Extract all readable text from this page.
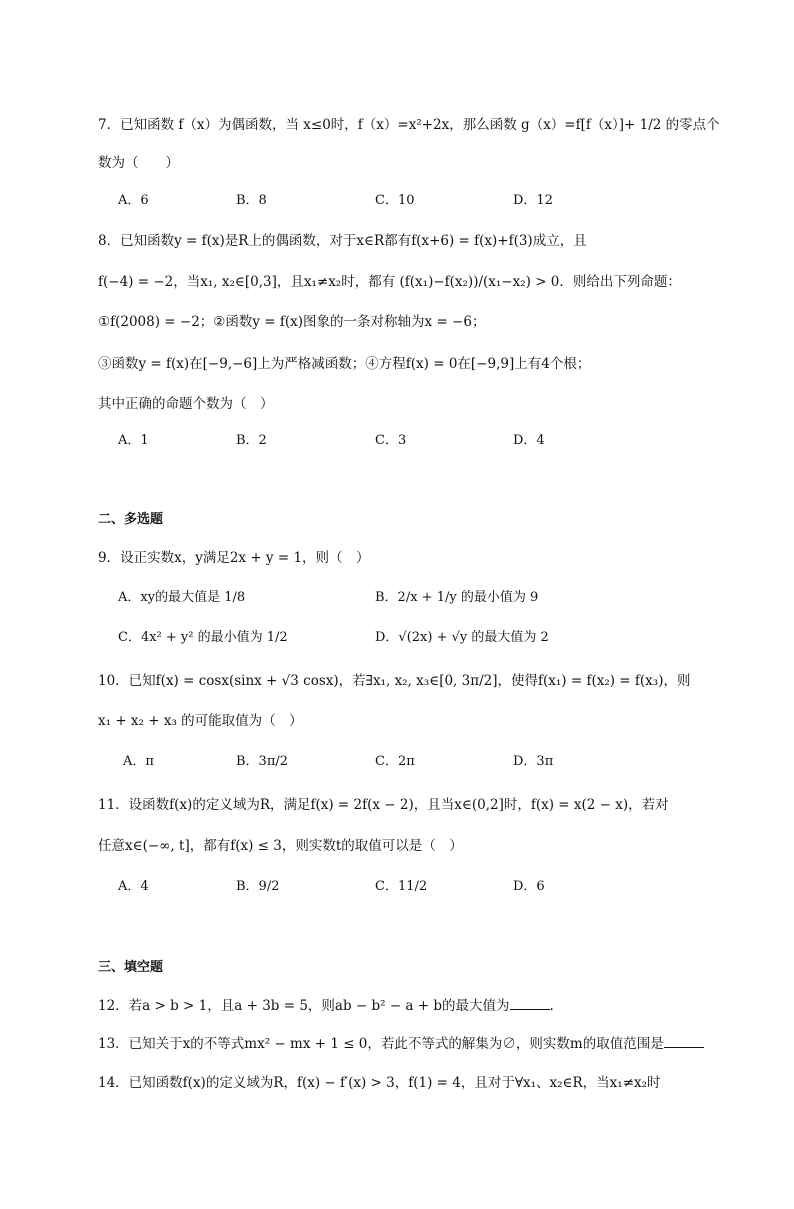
7．已知函数 f（x）为偶函数，当 x≤0时，f（x）=x²+2x，那么函数 g（x）=f[f（x）]+ 1/2 的零点个
数为（　　）
A．6	B．8	C．10	D．12
8．已知函数y = f(x)是R上的偶函数，对于x∈R都有f(x+6) = f(x)+f(3)成立，且
f(−4) = −2，当x₁, x₂∈[0,3]，且x₁≠x₂时，都有 (f(x₁)−f(x₂))/(x₁−x₂) > 0．则给出下列命题：
①f(2008) = −2；②函数y = f(x)图象的一条对称轴为x = −6；
③函数y = f(x)在[−9,−6]上为严格减函数；④方程f(x) = 0在[−9,9]上有4个根；
其中正确的命题个数为（　）
A．1	B．2	C．3	D．4
二、多选题
9．设正实数x，y满足2x + y = 1，则（　）
A．xy的最大值是 1/8	B．2/x + 1/y 的最小值为 9
C．4x² + y² 的最小值为 1/2	D．√(2x) + √y 的最大值为 2
10．已知f(x) = cosx(sinx + √3 cosx)，若∃x₁, x₂, x₃∈[0, 3π/2]，使得f(x₁) = f(x₂) = f(x₃)，则
x₁ + x₂ + x₃ 的可能取值为（　）
A．π	B．3π/2	C．2π	D．3π
11．设函数f(x)的定义域为R，满足f(x) = 2f(x − 2)，且当x∈(0,2]时，f(x) = x(2 − x)，若对
任意x∈(−∞, t]，都有f(x) ≤ 3，则实数t的取值可以是（　）
A．4	B．9/2	C．11/2	D．6
三、填空题
12．若a > b > 1，且a + 3b = 5，则ab − b² − a + b的最大值为	.
13．已知关于x的不等式mx² − mx + 1 ≤ 0，若此不等式的解集为∅，则实数m的取值范围是
14．已知函数f(x)的定义域为R，f(x) − f′(x) > 3，f(1) = 4，且对于∀x₁、x₂∈R，当x₁≠x₂时
